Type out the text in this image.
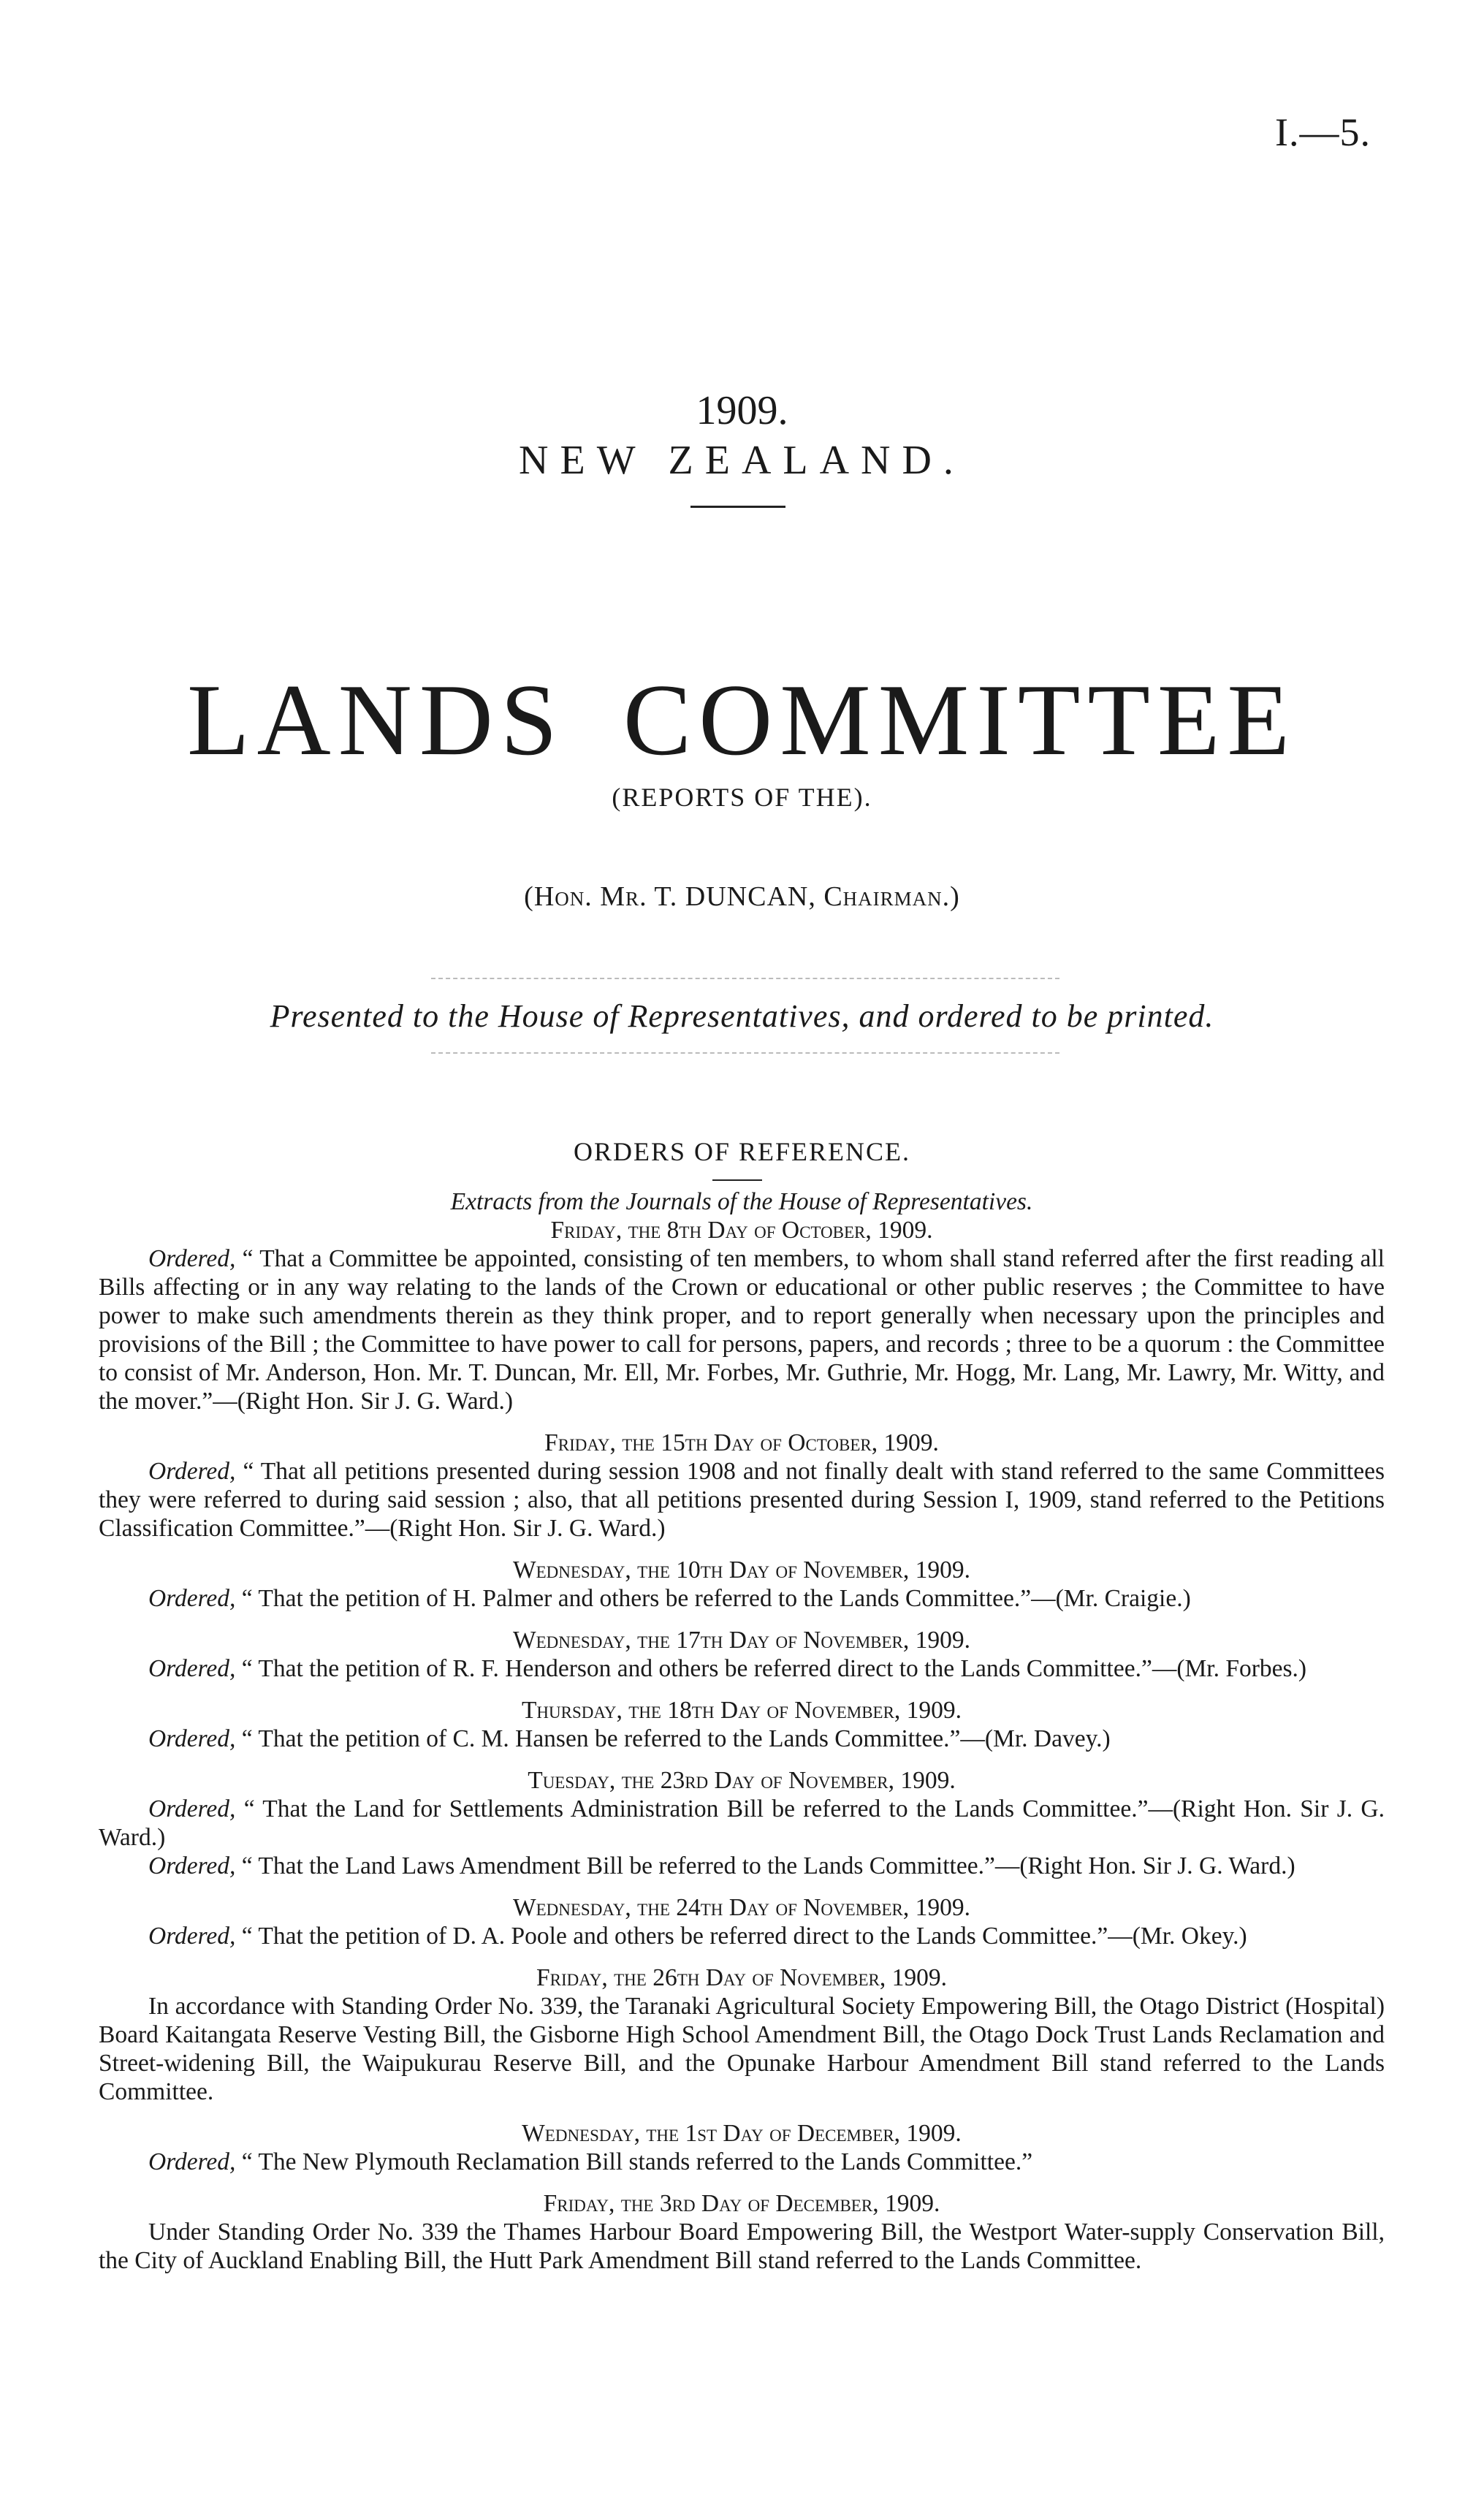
I.—5.
1909.
NEW ZEALAND.
LANDS COMMITTEE
(REPORTS OF THE).
(Hon. Mr. T. DUNCAN, Chairman.)
Presented to the House of Representatives, and ordered to be printed.
ORDERS OF REFERENCE.
Extracts from the Journals of the House of Representatives.
Friday, the 8th Day of October, 1909.

Ordered, “ That a Committee be appointed, consisting of ten members, to whom shall stand referred after the first reading all Bills affecting or in any way relating to the lands of the Crown or educational or other public reserves ; the Committee to have power to make such amendments therein as they think proper, and to report generally when necessary upon the principles and provisions of the Bill ; the Committee to have power to call for persons, papers, and records ; three to be a quorum : the Committee to consist of Mr. Anderson, Hon. Mr. T. Duncan, Mr. Ell, Mr. Forbes, Mr. Guthrie, Mr. Hogg, Mr. Lang, Mr. Lawry, Mr. Witty, and the mover.”—(Right Hon. Sir J. G. Ward.)

Friday, the 15th Day of October, 1909.

Ordered, “ That all petitions presented during session 1908 and not finally dealt with stand referred to the same Committees they were referred to during said session ; also, that all petitions presented during Session I, 1909, stand referred to the Petitions Classification Committee.”—(Right Hon. Sir J. G. Ward.)

Wednesday, the 10th Day of November, 1909.

Ordered, “ That the petition of H. Palmer and others be referred to the Lands Committee.”—(Mr. Craigie.)

Wednesday, the 17th Day of November, 1909.

Ordered, “ That the petition of R. F. Henderson and others be referred direct to the Lands Committee.”—(Mr. Forbes.)

Thursday, the 18th Day of November, 1909.

Ordered, “ That the petition of C. M. Hansen be referred to the Lands Committee.”—(Mr. Davey.)

Tuesday, the 23rd Day of November, 1909.

Ordered, “ That the Land for Settlements Administration Bill be referred to the Lands Committee.”—(Right Hon. Sir J. G. Ward.)

Ordered, “ That the Land Laws Amendment Bill be referred to the Lands Committee.”—(Right Hon. Sir J. G. Ward.)

Wednesday, the 24th Day of November, 1909.

Ordered, “ That the petition of D. A. Poole and others be referred direct to the Lands Committee.”—(Mr. Okey.)

Friday, the 26th Day of November, 1909.

In accordance with Standing Order No. 339, the Taranaki Agricultural Society Empowering Bill, the Otago District (Hospital) Board Kaitangata Reserve Vesting Bill, the Gisborne High School Amendment Bill, the Otago Dock Trust Lands Reclamation and Street-widening Bill, the Waipukurau Reserve Bill, and the Opunake Harbour Amendment Bill stand referred to the Lands Committee.

Wednesday, the 1st Day of December, 1909.

Ordered, “ The New Plymouth Reclamation Bill stands referred to the Lands Committee.”

Friday, the 3rd Day of December, 1909.

Under Standing Order No. 339 the Thames Harbour Board Empowering Bill, the Westport Water-supply Conservation Bill, the City of Auckland Enabling Bill, the Hutt Park Amendment Bill stand referred to the Lands Committee.
